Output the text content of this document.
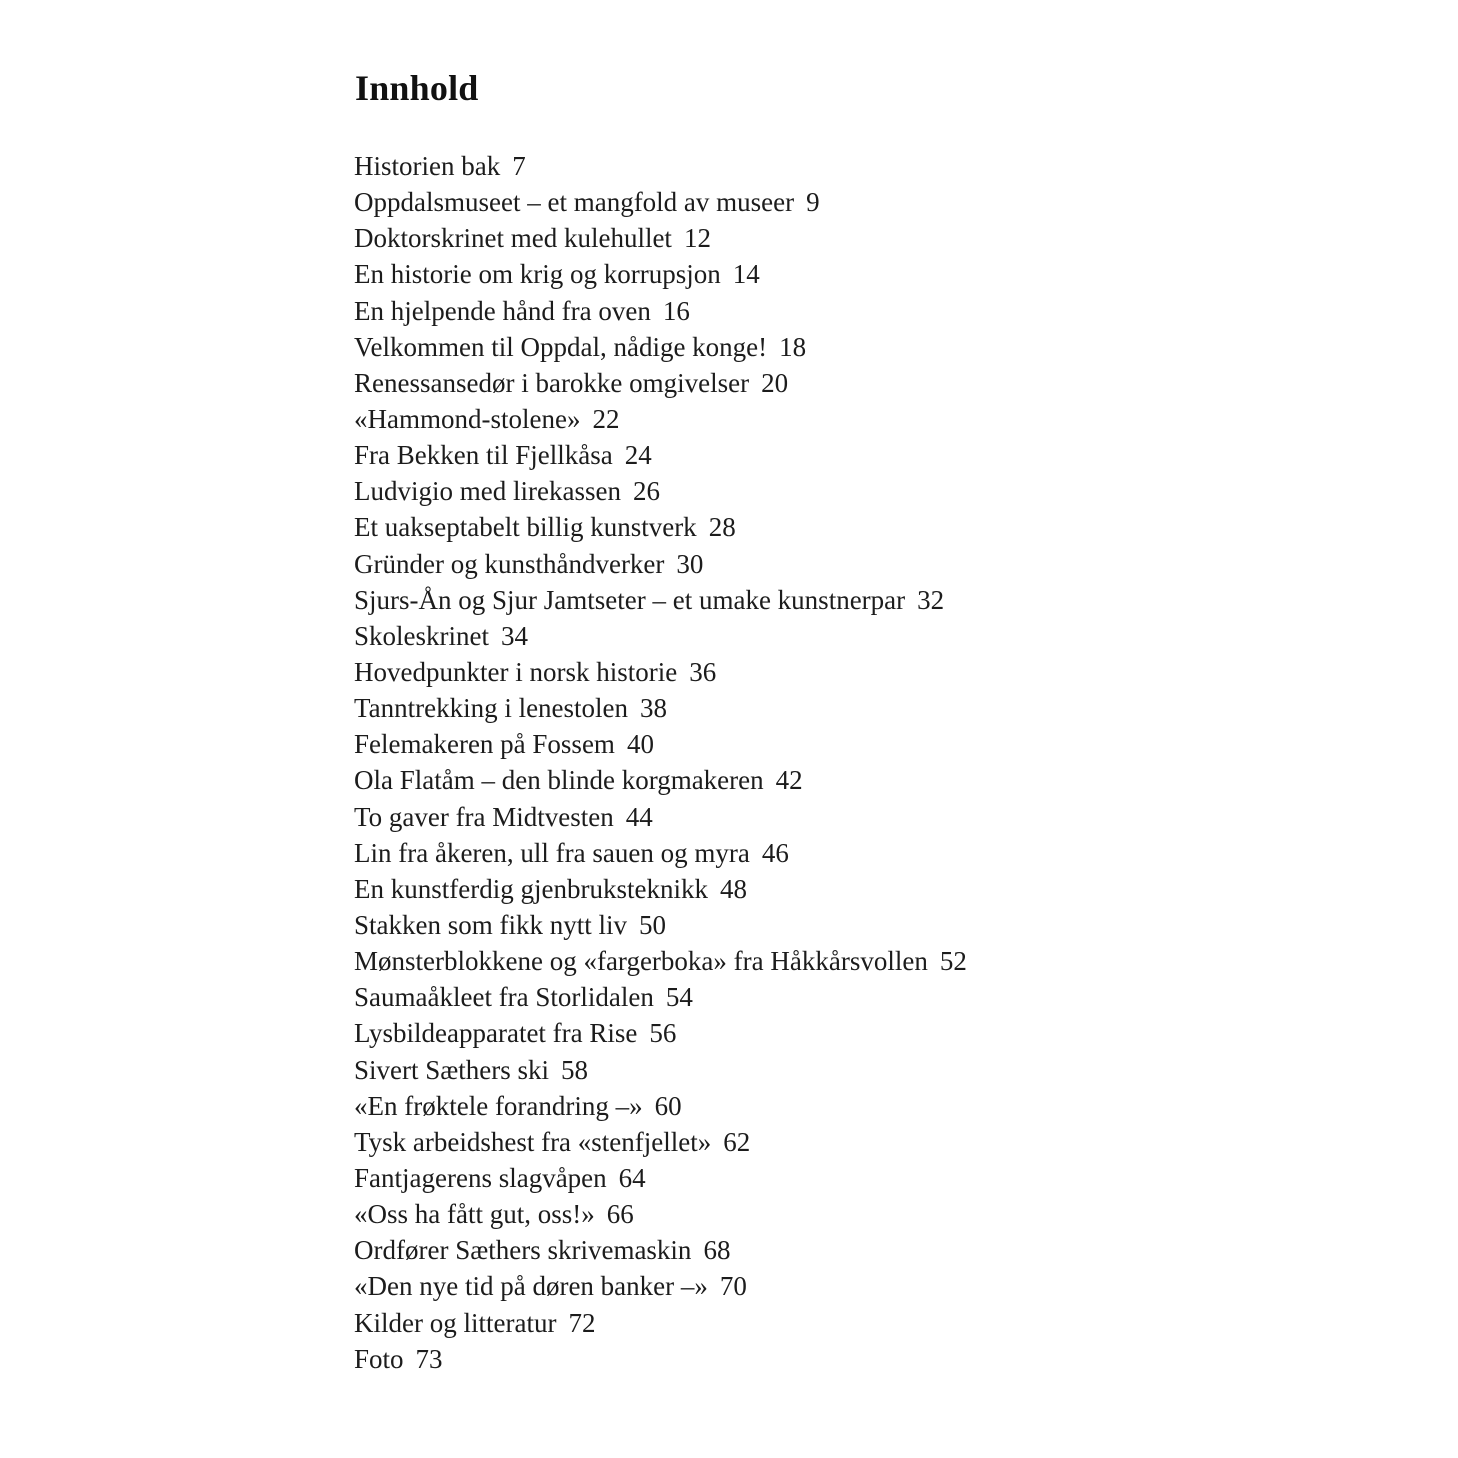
Innhold
Historien bak 7
Oppdalsmuseet – et mangfold av museer 9
Doktorskrinet med kulehullet 12
En historie om krig og korrupsjon 14
En hjelpende hånd fra oven 16
Velkommen til Oppdal, nådige konge! 18
Renessansedør i barokke omgivelser 20
«Hammond-stolene» 22
Fra Bekken til Fjellkåsa 24
Ludvigio med lirekassen 26
Et uakseptabelt billig kunstverk 28
Gründer og kunsthåndverker 30
Sjurs-Ån og Sjur Jamtseter – et umake kunstnerpar 32
Skoleskrinet 34
Hovedpunkter i norsk historie 36
Tanntrekking i lenestolen 38
Felemakeren på Fossem 40
Ola Flatåm – den blinde korgmakeren 42
To gaver fra Midtvesten 44
Lin fra åkeren, ull fra sauen og myra 46
En kunstferdig gjenbruksteknikk 48
Stakken som fikk nytt liv 50
Mønsterblokkene og «fargerboka» fra Håkkårsvollen 52
Saumaåkleet fra Storlidalen 54
Lysbildeapparatet fra Rise 56
Sivert Sæthers ski 58
«En frøktele forandring –» 60
Tysk arbeidshest fra «stenfjellet» 62
Fantjagerens slagvåpen 64
«Oss ha fått gut, oss!» 66
Ordfører Sæthers skrivemaskin 68
«Den nye tid på døren banker –» 70
Kilder og litteratur 72
Foto 73
